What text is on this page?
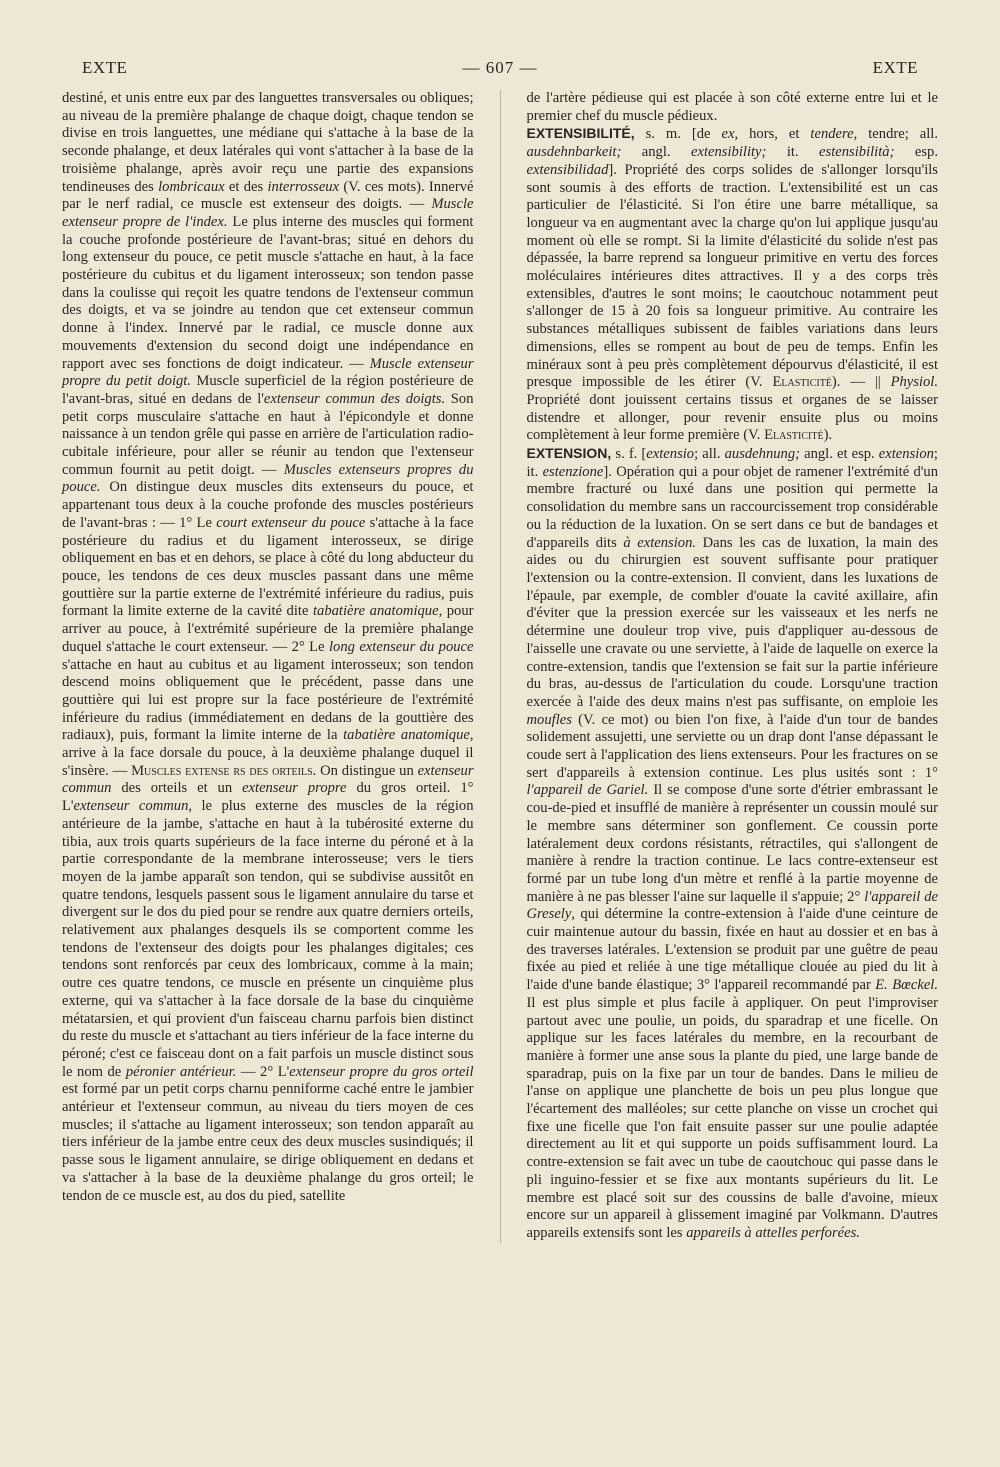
EXTE	— 607 —	EXTE

destiné, et unis entre eux par des languettes transversales ou obliques; au niveau de la première phalange de chaque doigt, chaque tendon se divise en trois languettes, une médiane qui s'attache à la base de la seconde phalange, et deux latérales qui vont s'attacher à la base de la troisième phalange, après avoir reçu une partie des expansions tendineuses des lombricaux et des interrosseux (V. ces mots). Innervé par le nerf radial, ce muscle est extenseur des doigts. — Muscle extenseur propre de l'index. Le plus interne des muscles qui forment la couche profonde postérieure de l'avant-bras; situé en dehors du long extenseur du pouce, ce petit muscle s'attache en haut, à la face postérieure du cubitus et du ligament interosseux; son tendon passe dans la coulisse qui reçoit les quatre tendons de l'extenseur commun des doigts, et va se joindre au tendon que cet extenseur commun donne à l'index. Innervé par le radial, ce muscle donne aux mouvements d'extension du second doigt une indépendance en rapport avec ses fonctions de doigt indicateur. — Muscle extenseur propre du petit doigt. Muscle superficiel de la région postérieure de l'avant-bras, situé en dedans de l'extenseur commun des doigts. Son petit corps musculaire s'attache en haut à l'épicondyle et donne naissance à un tendon grêle qui passe en arrière de l'articulation radio-cubitale inférieure, pour aller se réunir au tendon que l'extenseur commun fournit au petit doigt. — Muscles extenseurs propres du pouce. On distingue deux muscles dits extenseurs du pouce, et appartenant tous deux à la couche profonde des muscles postérieurs de l'avant-bras : — 1° Le court extenseur du pouce s'attache à la face postérieure du radius et du ligament interosseux, se dirige obliquement en bas et en dehors, se place à côté du long abducteur du pouce, les tendons de ces deux muscles passant dans une même gouttière sur la partie externe de l'extrémité inférieure du radius, puis formant la limite externe de la cavité dite tabatière anatomique, pour arriver au pouce, à l'extrémité supérieure de la première phalange duquel s'attache le court extenseur. — 2° Le long extenseur du pouce s'attache en haut au cubitus et au ligament interosseux; son tendon descend moins obliquement que le précédent, passe dans une gouttière qui lui est propre sur la face postérieure de l'extrémité inférieure du radius (immédiatement en dedans de la gouttière des radiaux), puis, formant la limite interne de la tabatière anatomique, arrive à la face dorsale du pouce, à la deuxième phalange duquel il s'insère. — Muscles extense rs des orteils. On distingue un extenseur commun des orteils et un extenseur propre du gros orteil. 1° L'extenseur commun, le plus externe des muscles de la région antérieure de la jambe, s'attache en haut à la tubérosité externe du tibia, aux trois quarts supérieurs de la face interne du péroné et à la partie correspondante de la membrane interosseuse; vers le tiers moyen de la jambe apparaît son tendon, qui se subdivise aussitôt en quatre tendons, lesquels passent sous le ligament annulaire du tarse et divergent sur le dos du pied pour se rendre aux quatre derniers orteils, relativement aux phalanges desquels ils se comportent comme les tendons de l'extenseur des doigts pour les phalanges digitales; ces tendons sont renforcés par ceux des lombricaux, comme à la main; outre ces quatre tendons, ce muscle en présente un cinquième plus externe, qui va s'attacher à la face dorsale de la base du cinquième métatarsien, et qui provient d'un faisceau charnu parfois bien distinct du reste du muscle et s'attachant au tiers inférieur de la face interne du péroné; c'est ce faisceau dont on a fait parfois un muscle distinct sous le nom de péronier antérieur. — 2° L'extenseur propre du gros orteil est formé par un petit corps charnu penniforme caché entre le jambier antérieur et l'extenseur commun, au niveau du tiers moyen de ces muscles; il s'attache au ligament interosseux; son tendon apparaît au tiers inférieur de la jambe entre ceux des deux muscles susindiqués; il passe sous le ligament annulaire, se dirige obliquement en dedans et va s'attacher à la base de la deuxième phalange du gros orteil; le tendon de ce muscle est, au dos du pied, satellite

de l'artère pédieuse qui est placée à son côté externe entre lui et le premier chef du muscle pédieux.

EXTENSIBILITÉ, s. m. [de ex, hors, et tendere, tendre; all. ausdehnbarkeit; angl. extensibility; it. estensibilità; esp. extensibilidad]. Propriété des corps solides de s'allonger lorsqu'ils sont soumis à des efforts de traction. L'extensibilité est un cas particulier de l'élasticité. Si l'on étire une barre métallique, sa longueur va en augmentant avec la charge qu'on lui applique jusqu'au moment où elle se rompt. Si la limite d'élasticité du solide n'est pas dépassée, la barre reprend sa longueur primitive en vertu des forces moléculaires intérieures dites attractives. Il y a des corps très extensibles, d'autres le sont moins; le caoutchouc notamment peut s'allonger de 15 à 20 fois sa longueur primitive. Au contraire les substances métalliques subissent de faibles variations dans leurs dimensions, elles se rompent au bout de peu de temps. Enfin les minéraux sont à peu près complètement dépourvus d'élasticité, il est presque impossible de les étirer (V. Elasticité). — || Physiol. Propriété dont jouissent certains tissus et organes de se laisser distendre et allonger, pour revenir ensuite plus ou moins complètement à leur forme première (V. Elasticité).

EXTENSION, s. f. [extensio; all. ausdehnung; angl. et esp. extension; it. estenzione]. Opération qui a pour objet de ramener l'extrémité d'un membre fracturé ou luxé dans une position qui permette la consolidation du membre sans un raccourcissement trop considérable ou la réduction de la luxation. On se sert dans ce but de bandages et d'appareils dits à extension. Dans les cas de luxation, la main des aides ou du chirurgien est souvent suffisante pour pratiquer l'extension ou la contre-extension. Il convient, dans les luxations de l'épaule, par exemple, de combler d'ouate la cavité axillaire, afin d'éviter que la pression exercée sur les vaisseaux et les nerfs ne détermine une douleur trop vive, puis d'appliquer au-dessous de l'aisselle une cravate ou une serviette, à l'aide de laquelle on exerce la contre-extension, tandis que l'extension se fait sur la partie inférieure du bras, au-dessus de l'articulation du coude. Lorsqu'une traction exercée à l'aide des deux mains n'est pas suffisante, on emploie les moufles (V. ce mot) ou bien l'on fixe, à l'aide d'un tour de bandes solidement assujetti, une serviette ou un drap dont l'anse dépassant le coude sert à l'application des liens extenseurs. Pour les fractures on se sert d'appareils à extension continue. Les plus usités sont : 1° l'appareil de Gariel. Il se compose d'une sorte d'étrier embrassant le cou-de-pied et insufflé de manière à représenter un coussin moulé sur le membre sans déterminer son gonflement. Ce coussin porte latéralement deux cordons résistants, rétractiles, qui s'allongent de manière à rendre la traction continue. Le lacs contre-extenseur est formé par un tube long d'un mètre et renflé à la partie moyenne de manière à ne pas blesser l'aine sur laquelle il s'appuie; 2° l'appareil de Gresely, qui détermine la contre-extension à l'aide d'une ceinture de cuir maintenue autour du bassin, fixée en haut au dossier et en bas à des traverses latérales. L'extension se produit par une guêtre de peau fixée au pied et reliée à une tige métallique clouée au pied du lit à l'aide d'une bande élastique; 3° l'appareil recommandé par E. Bœckel. Il est plus simple et plus facile à appliquer. On peut l'improviser partout avec une poulie, un poids, du sparadrap et une ficelle. On applique sur les faces latérales du membre, en la recourbant de manière à former une anse sous la plante du pied, une large bande de sparadrap, puis on la fixe par un tour de bandes. Dans le milieu de l'anse on applique une planchette de bois un peu plus longue que l'écartement des malléoles; sur cette planche on visse un crochet qui fixe une ficelle que l'on fait ensuite passer sur une poulie adaptée directement au lit et qui supporte un poids suffisamment lourd. La contre-extension se fait avec un tube de caoutchouc qui passe dans le pli inguino-fessier et se fixe aux montants supérieurs du lit. Le membre est placé soit sur des coussins de balle d'avoine, mieux encore sur un appareil à glissement imaginé par Volkmann. D'autres appareils extensifs sont les appareils à attelles perforées.
